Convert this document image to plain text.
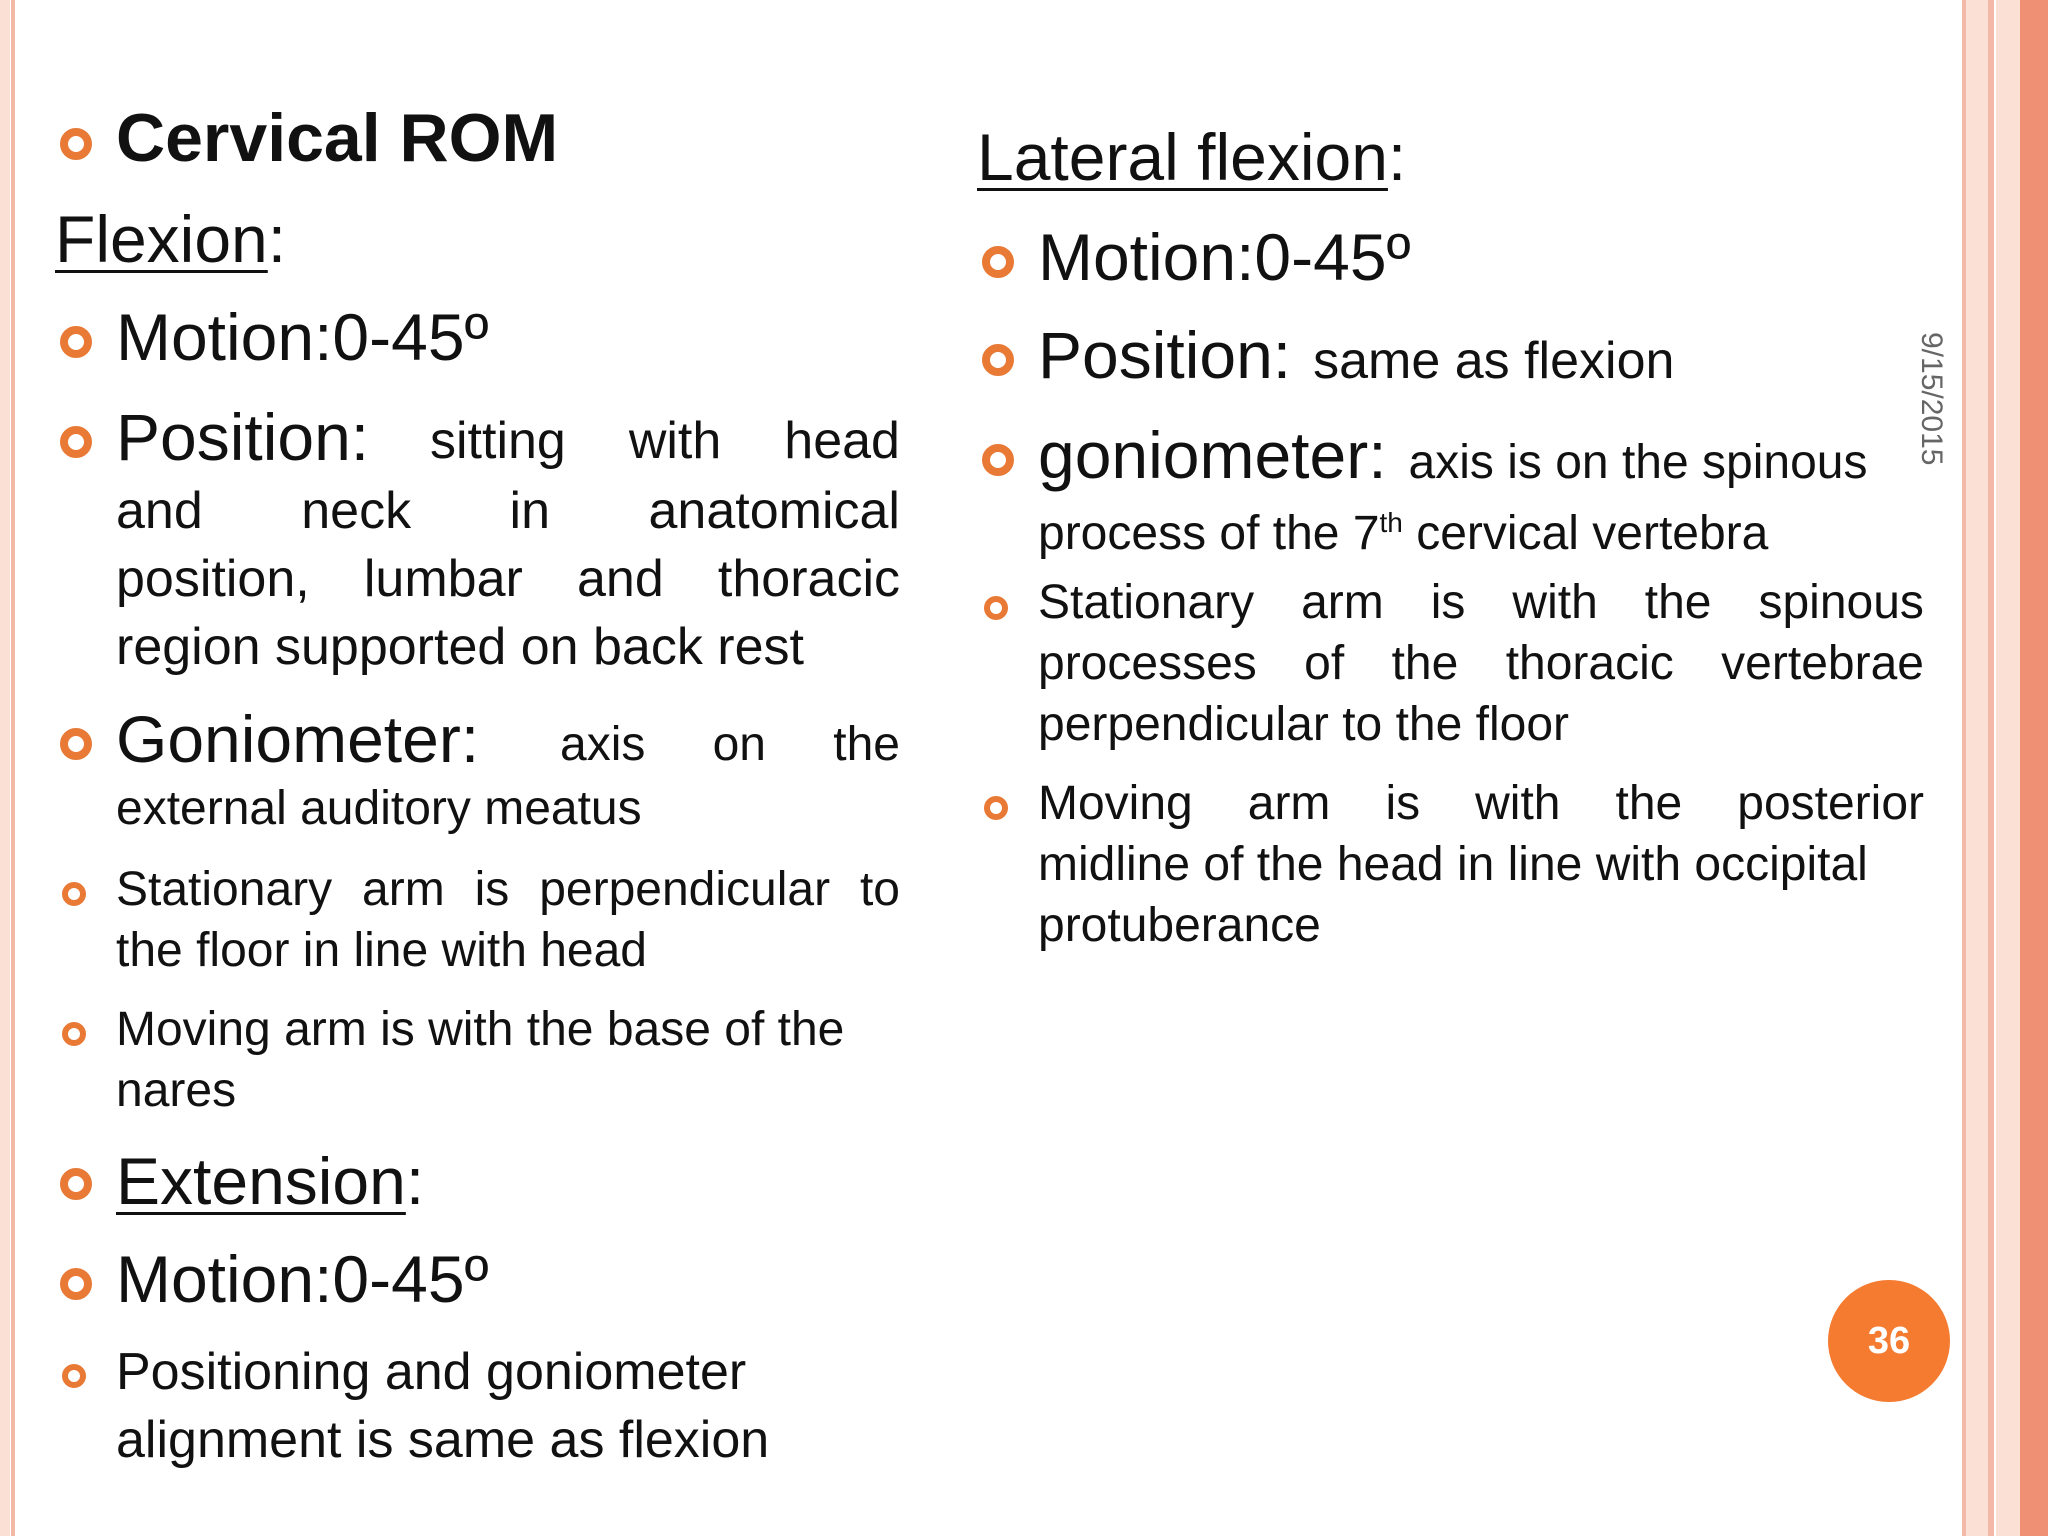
Cervical ROM
Flexion:
Motion:0-45º
Position: sitting with head
and neck in anatomical
position, lumbar and thoracic
region supported on back rest
Goniometer: axis on the
external auditory meatus
Stationary arm is perpendicular to
the floor in line with head
Moving arm is with the base of the
nares
Extension:
Motion:0-45º
Positioning and goniometer
alignment is same as flexion
Lateral flexion:
Motion:0-45º
Position: same as flexion
goniometer: axis is on the spinous
process of the 7th cervical vertebra
Stationary arm is with the spinous
processes of the thoracic vertebrae
perpendicular to the floor
Moving arm is with the posterior
midline of the head in line with occipital
protuberance
9/15/2015
36
